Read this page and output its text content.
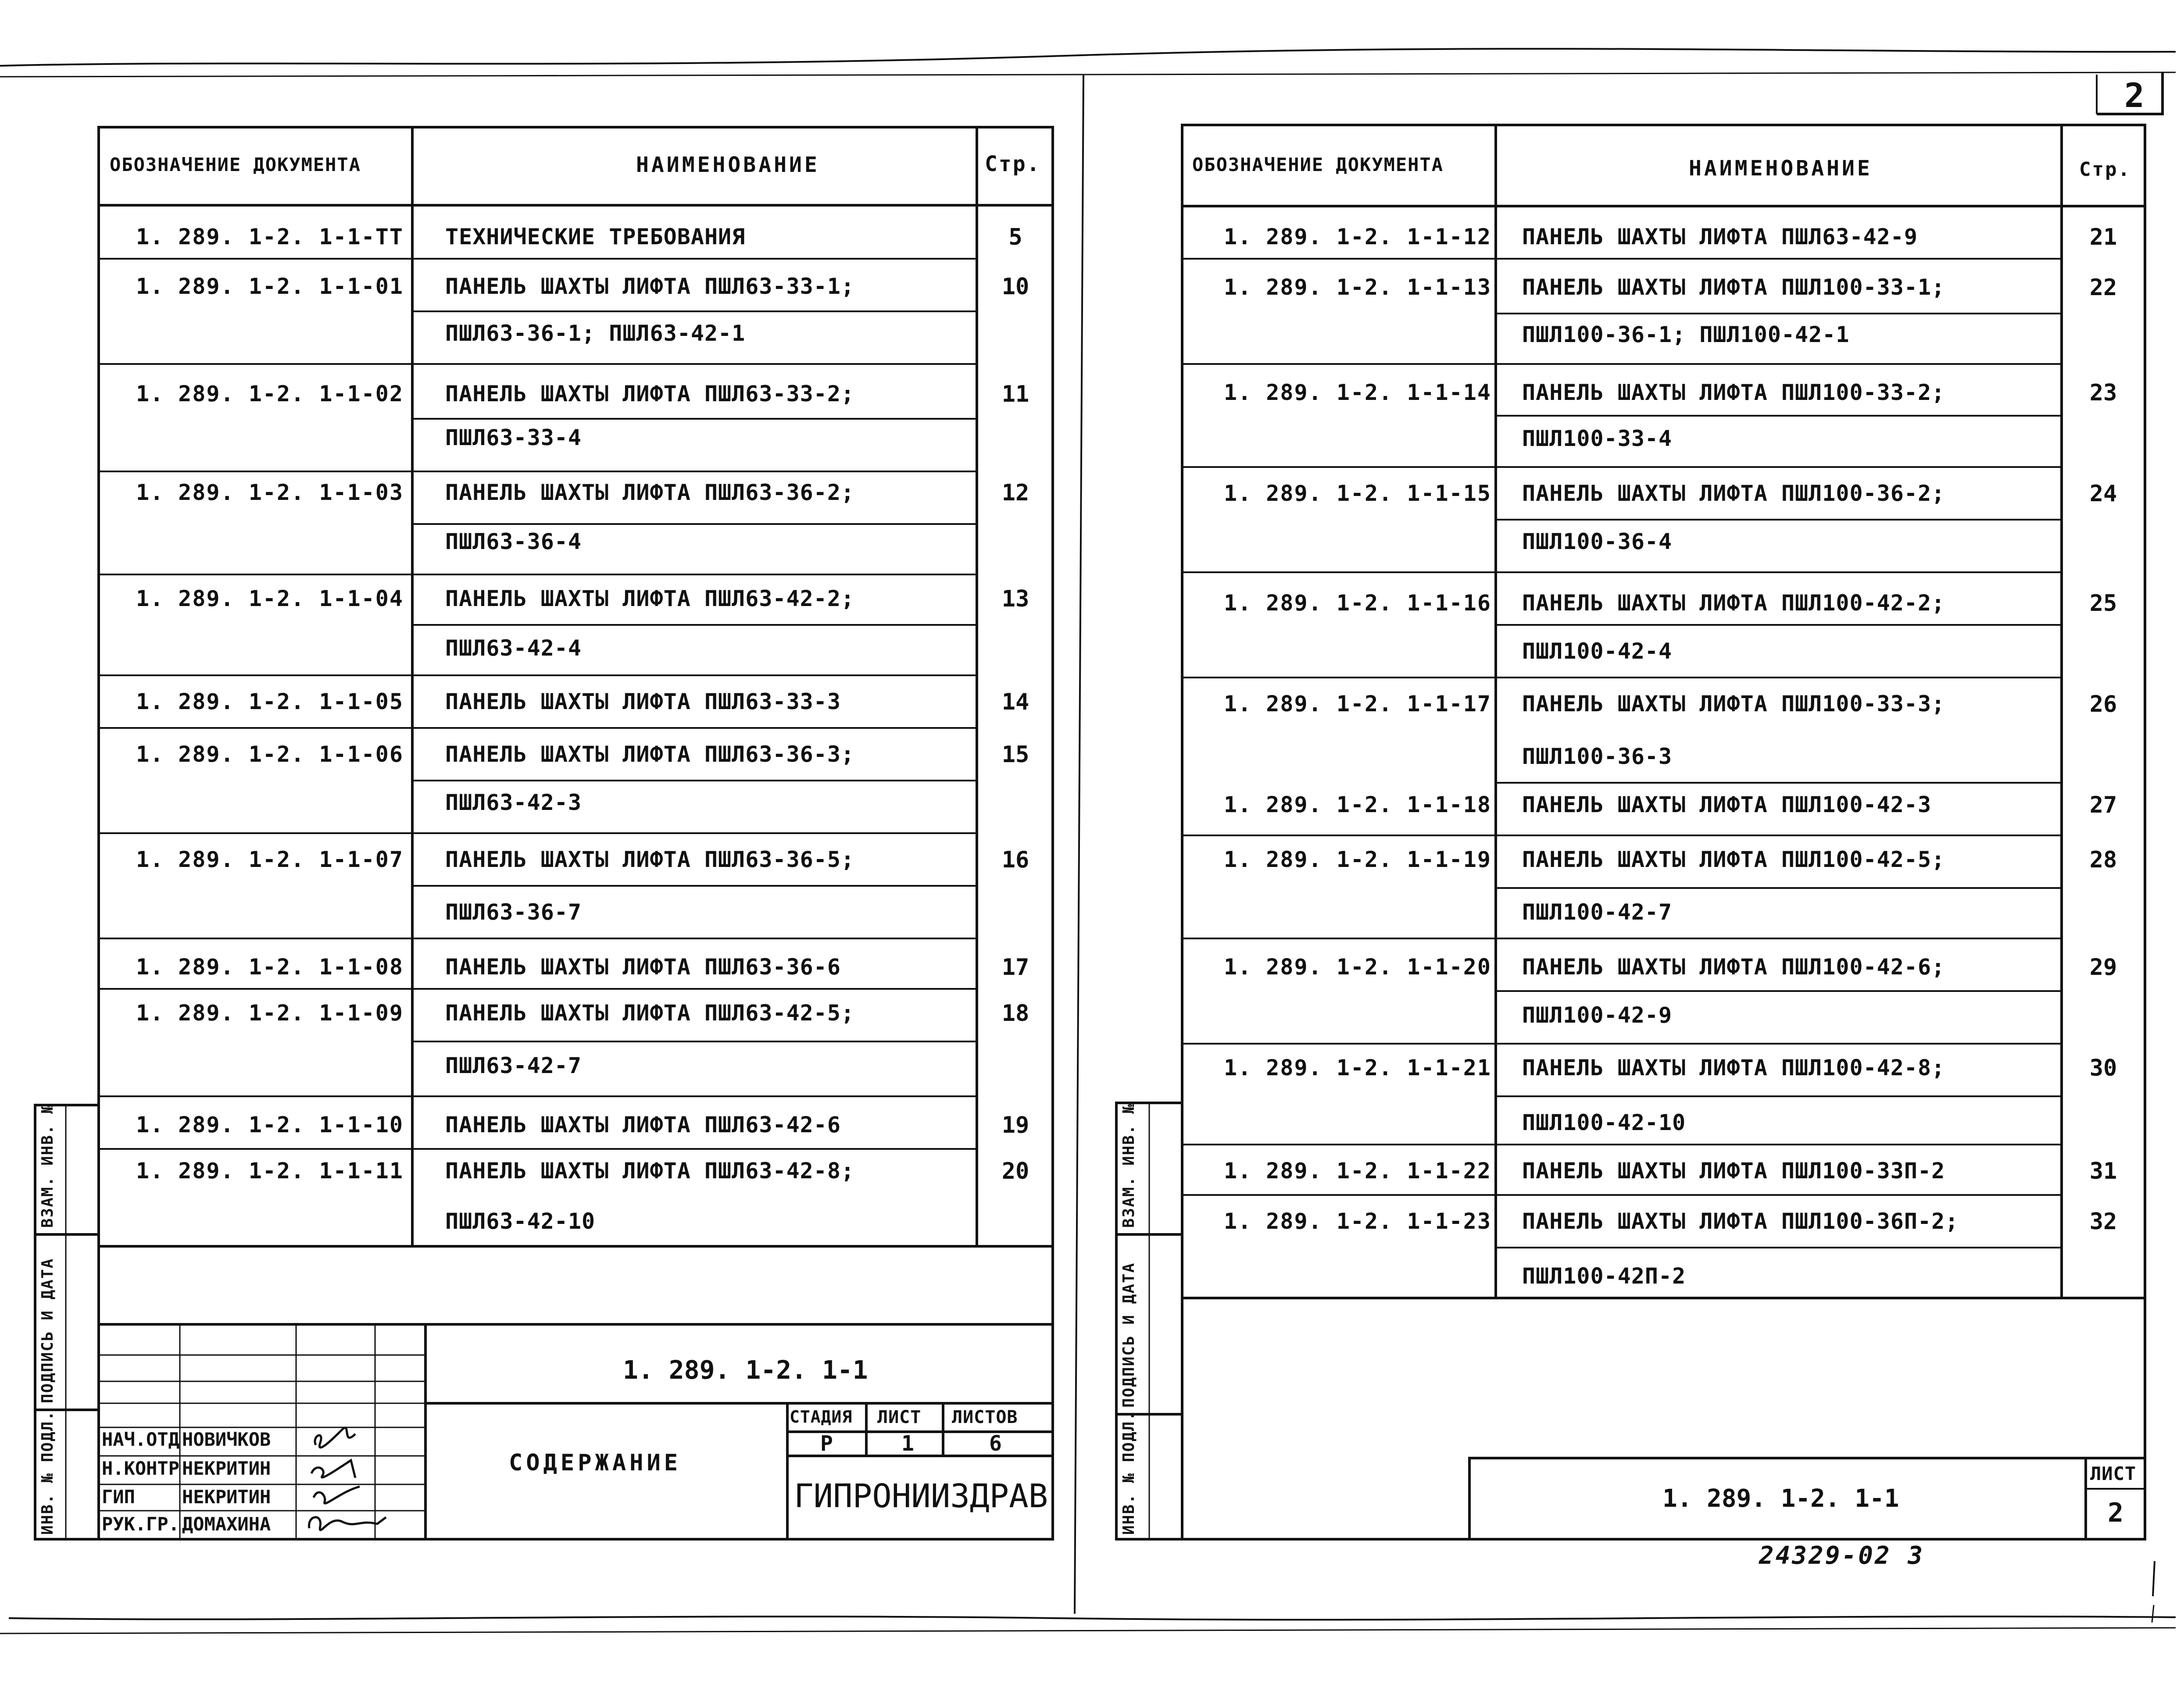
2
ОБОЗНАЧЕНИЕ ДОКУМЕНТА	НАИМЕНОВАНИЕ	Стр.	ОБОЗНАЧЕНИЕ ДОКУМЕНТА	НАИМЕНОВАНИЕ	Стр.
1. 289. 1-2. 1-1-ТТ ТЕХНИЧЕСКИЕ ТРЕБОВАНИЯ	5
1. 289. 1-2. 1-1-01 ПАНЕЛЬ ШАХТЫ ЛИФТА ПШЛ63-33-1;	10
ПШЛ63-36-1; ПШЛ63-42-1
1. 289. 1-2. 1-1-02 ПАНЕЛЬ ШАХТЫ ЛИФТА ПШЛ63-33-2;	11
ПШЛ63-33-4
1. 289. 1-2. 1-1-03 ПАНЕЛЬ ШАХТЫ ЛИФТА ПШЛ63-36-2;	12
ПШЛ63-36-4
1. 289. 1-2. 1-1-04 ПАНЕЛЬ ШАХТЫ ЛИФТА ПШЛ63-42-2;	13
ПШЛ63-42-4
1. 289. 1-2. 1-1-05 ПАНЕЛЬ ШАХТЫ ЛИФТА ПШЛ63-33-3	14
1. 289. 1-2. 1-1-06 ПАНЕЛЬ ШАХТЫ ЛИФТА ПШЛ63-36-3;	15
ПШЛ63-42-3
1. 289. 1-2. 1-1-07 ПАНЕЛЬ ШАХТЫ ЛИФТА ПШЛ63-36-5;	16
ПШЛ63-36-7
1. 289. 1-2. 1-1-08 ПАНЕЛЬ ШАХТЫ ЛИФТА ПШЛ63-36-6	17
1. 289. 1-2. 1-1-09 ПАНЕЛЬ ШАХТЫ ЛИФТА ПШЛ63-42-5;	18
ПШЛ63-42-7
1. 289. 1-2. 1-1-10 ПАНЕЛЬ ШАХТЫ ЛИФТА ПШЛ63-42-6	19
1. 289. 1-2. 1-1-11 ПАНЕЛЬ ШАХТЫ ЛИФТА ПШЛ63-42-8;	20
ПШЛ63-42-10
1. 289. 1-2. 1-1-12 ПАНЕЛЬ ШАХТЫ ЛИФТА ПШЛ63-42-9	21
1. 289. 1-2. 1-1-13 ПАНЕЛЬ ШАХТЫ ЛИФТА ПШЛ100-33-1;	22
ПШЛ100-36-1; ПШЛ100-42-1
1. 289. 1-2. 1-1-14 ПАНЕЛЬ ШАХТЫ ЛИФТА ПШЛ100-33-2;	23
ПШЛ100-33-4
1. 289. 1-2. 1-1-15 ПАНЕЛЬ ШАХТЫ ЛИФТА ПШЛ100-36-2;	24
ПШЛ100-36-4
1. 289. 1-2. 1-1-16 ПАНЕЛЬ ШАХТЫ ЛИФТА ПШЛ100-42-2;	25
ПШЛ100-42-4
1. 289. 1-2. 1-1-17 ПАНЕЛЬ ШАХТЫ ЛИФТА ПШЛ100-33-3;	26
ПШЛ100-36-3
1. 289. 1-2. 1-1-18 ПАНЕЛЬ ШАХТЫ ЛИФТА ПШЛ100-42-3	27
1. 289. 1-2. 1-1-19 ПАНЕЛЬ ШАХТЫ ЛИФТА ПШЛ100-42-5;	28
ПШЛ100-42-7
1. 289. 1-2. 1-1-20 ПАНЕЛЬ ШАХТЫ ЛИФТА ПШЛ100-42-6;	29
ПШЛ100-42-9
1. 289. 1-2. 1-1-21 ПАНЕЛЬ ШАХТЫ ЛИФТА ПШЛ100-42-8;	30
ПШЛ100-42-10
1. 289. 1-2. 1-1-22 ПАНЕЛЬ ШАХТЫ ЛИФТА ПШЛ100-33П-2	31
1. 289. 1-2. 1-1-23 ПАНЕЛЬ ШАХТЫ ЛИФТА ПШЛ100-36П-2;	32
ПШЛ100-42П-2
1. 289. 1-2. 1-1
СОДЕРЖАНИЕ
СТАДИЯ ЛИСТ ЛИСТОВ
Р	1	6
ГИПРОНИИЗДРАВ
НАЧ.ОТД НОВИЧКОВ
Н.КОНТР НЕКРИТИН
ГИП	НЕКРИТИН
РУК.ГР. ДОМАХИНА
ВЗАМ. ИНВ. №
ПОДПИСЬ И ДАТА
ИНВ. № ПОДЛ.
ВЗАМ. ИНВ. №
ПОДПИСЬ И ДАТА
ИНВ. № ПОДЛ.	1. 289. 1-2. 1-1
ЛИСТ
2
24329-02 3
